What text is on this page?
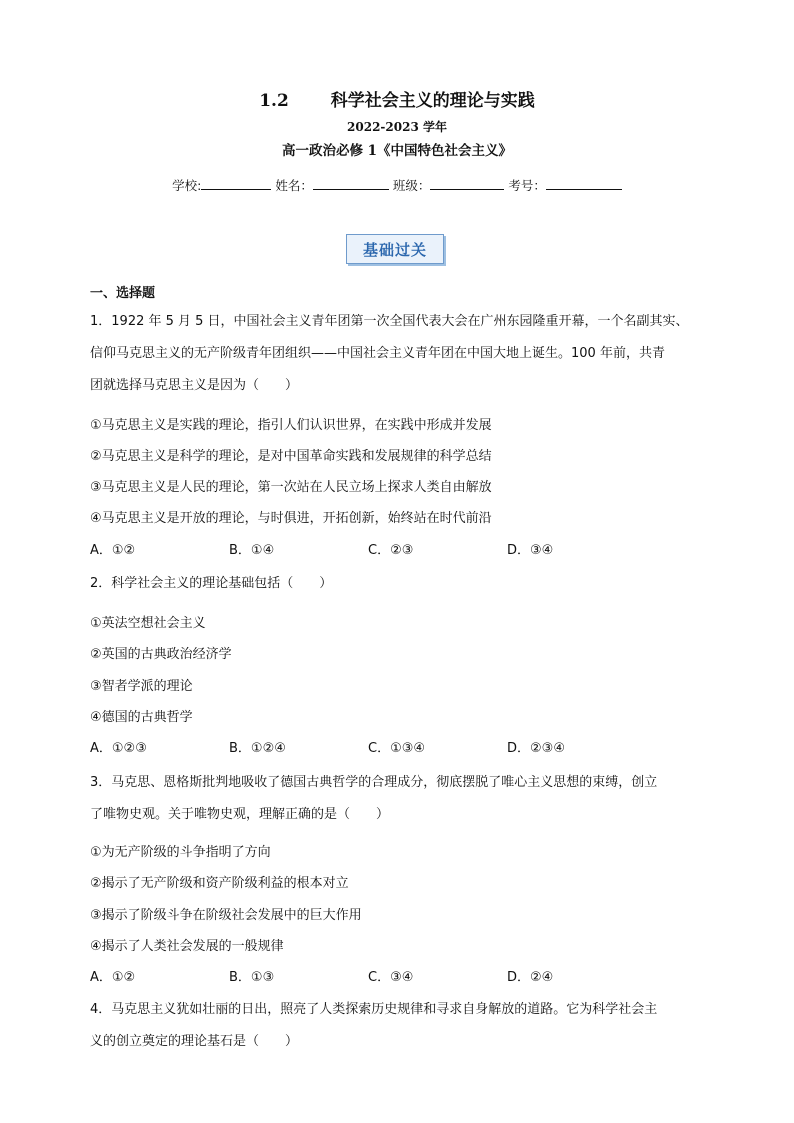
1.2 科学社会主义的理论与实践
2022-2023 学年
高一政治必修 1《中国特色社会主义》
学校:	姓名：	班级：	考号：
基础过关
一、选择题

1．1922 年 5 月 5 日，中国社会主义青年团第一次全国代表大会在广州东园隆重开幕，一个名副其实、

信仰马克思主义的无产阶级青年团组织——中国社会主义青年团在中国大地上诞生。100 年前，共青

团就选择马克思主义是因为（　　）

①马克思主义是实践的理论，指引人们认识世界，在实践中形成并发展
②马克思主义是科学的理论，是对中国革命实践和发展规律的科学总结
③马克思主义是人民的理论，第一次站在人民立场上探求人类自由解放
④马克思主义是开放的理论，与时俱进，开拓创新，始终站在时代前沿
A．①②	B．①④	C．②③	D．③④

2．科学社会主义的理论基础包括（　　）

①英法空想社会主义
②英国的古典政治经济学
③智者学派的理论
④德国的古典哲学
A．①②③	B．①②④	C．①③④	D．②③④

3．马克思、恩格斯批判地吸收了德国古典哲学的合理成分，彻底摆脱了唯心主义思想的束缚，创立

了唯物史观。关于唯物史观，理解正确的是（　　）

①为无产阶级的斗争指明了方向
②揭示了无产阶级和资产阶级利益的根本对立
③揭示了阶级斗争在阶级社会发展中的巨大作用
④揭示了人类社会发展的一般规律
A．①②	B．①③	C．③④	D．②④

4．马克思主义犹如壮丽的日出，照亮了人类探索历史规律和寻求自身解放的道路。它为科学社会主

义的创立奠定的理论基石是（　　）
